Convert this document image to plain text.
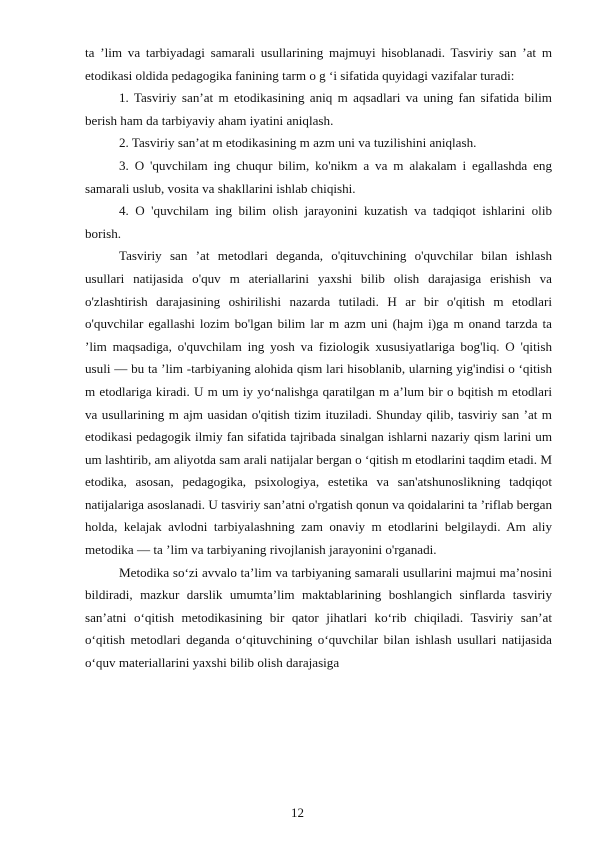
ta ’lim va tarbiyadagi samarali usullarining majmuyi hisoblanadi. Tasviriy san ’at m etodikasi oldida pedagogika fanining tarm o g ‘i sifatida quyidagi vazifalar turadi:

1. Tasviriy san’at m etodikasining aniq m aqsadlari va uning fan sifatida bilim berish ham da tarbiyaviy aham iyatini aniqlash.

2. Tasviriy san’at m etodikasining m azm uni va tuzilishini aniqlash.

3. O 'quvchilam ing chuqur bilim, ko'nikm a va m alakalam i egallashda eng samarali uslub, vosita va shakllarini ishlab chiqishi.

4. O 'quvchilam ing bilim olish jarayonini kuzatish va tadqiqot ishlarini olib borish.

Tasviriy san ’at metodlari deganda, o'qituvchining o'quvchilar bilan ishlash usullari natijasida o'quv m ateriallarini yaxshi bilib olish darajasiga erishish va o'zlashtirish darajasining oshirilishi nazarda tutiladi. H ar bir o'qitish m etodlari o'quvchilar egallashi lozim bo'lgan bilim lar m azm uni (hajm i)ga m onand tarzda ta ’lim maqsadiga, o'quvchilam ing yosh va fiziologik xususiyatlariga bog'liq. O 'qitish usuli — bu ta ’lim -tarbiyaning alohida qism lari hisoblanib, ularning yig'indisi o ‘qitish m etodlariga kiradi. U m um iy yo‘nalishga qaratilgan m a’lum bir o bqitish m etodlari va usullarining m ajm uasidan o'qitish tizim ituziladi. Shunday qilib, tasviriy san ’at m etodikasi pedagogik ilmiy fan sifatida tajribada sinalgan ishlarni nazariy qism larini um um lashtirib, am aliyotda sam arali natijalar bergan o ‘qitish m etodlarini taqdim etadi. M etodika, asosan, pedagogika, psixologiya, estetika va san'atshunoslikning tadqiqot natijalariga asoslanadi. U tasviriy san’atni o'rgatish qonun va qoidalarini ta ’riflab bergan holda, kelajak avlodni tarbiyalashning zam onaviy m etodlarini belgilaydi. Am aliy metodika — ta ’lim va tarbiyaning rivojlanish jarayonini o'rganadi.

Metodika so‘zi avvalo ta’lim va tarbiyaning samarali usullarini majmui ma’nosini bildiradi, mazkur darslik umumta’lim maktablarining boshlangich sinflarda tasviriy san’atni o‘qitish metodikasining bir qator jihatlari ko‘rib chiqiladi. Tasviriy san’at o‘qitish metodlari deganda o‘qituvchining o‘quvchilar bilan ishlash usullari natijasida o‘quv materiallarini yaxshi bilib olish darajasiga

12
